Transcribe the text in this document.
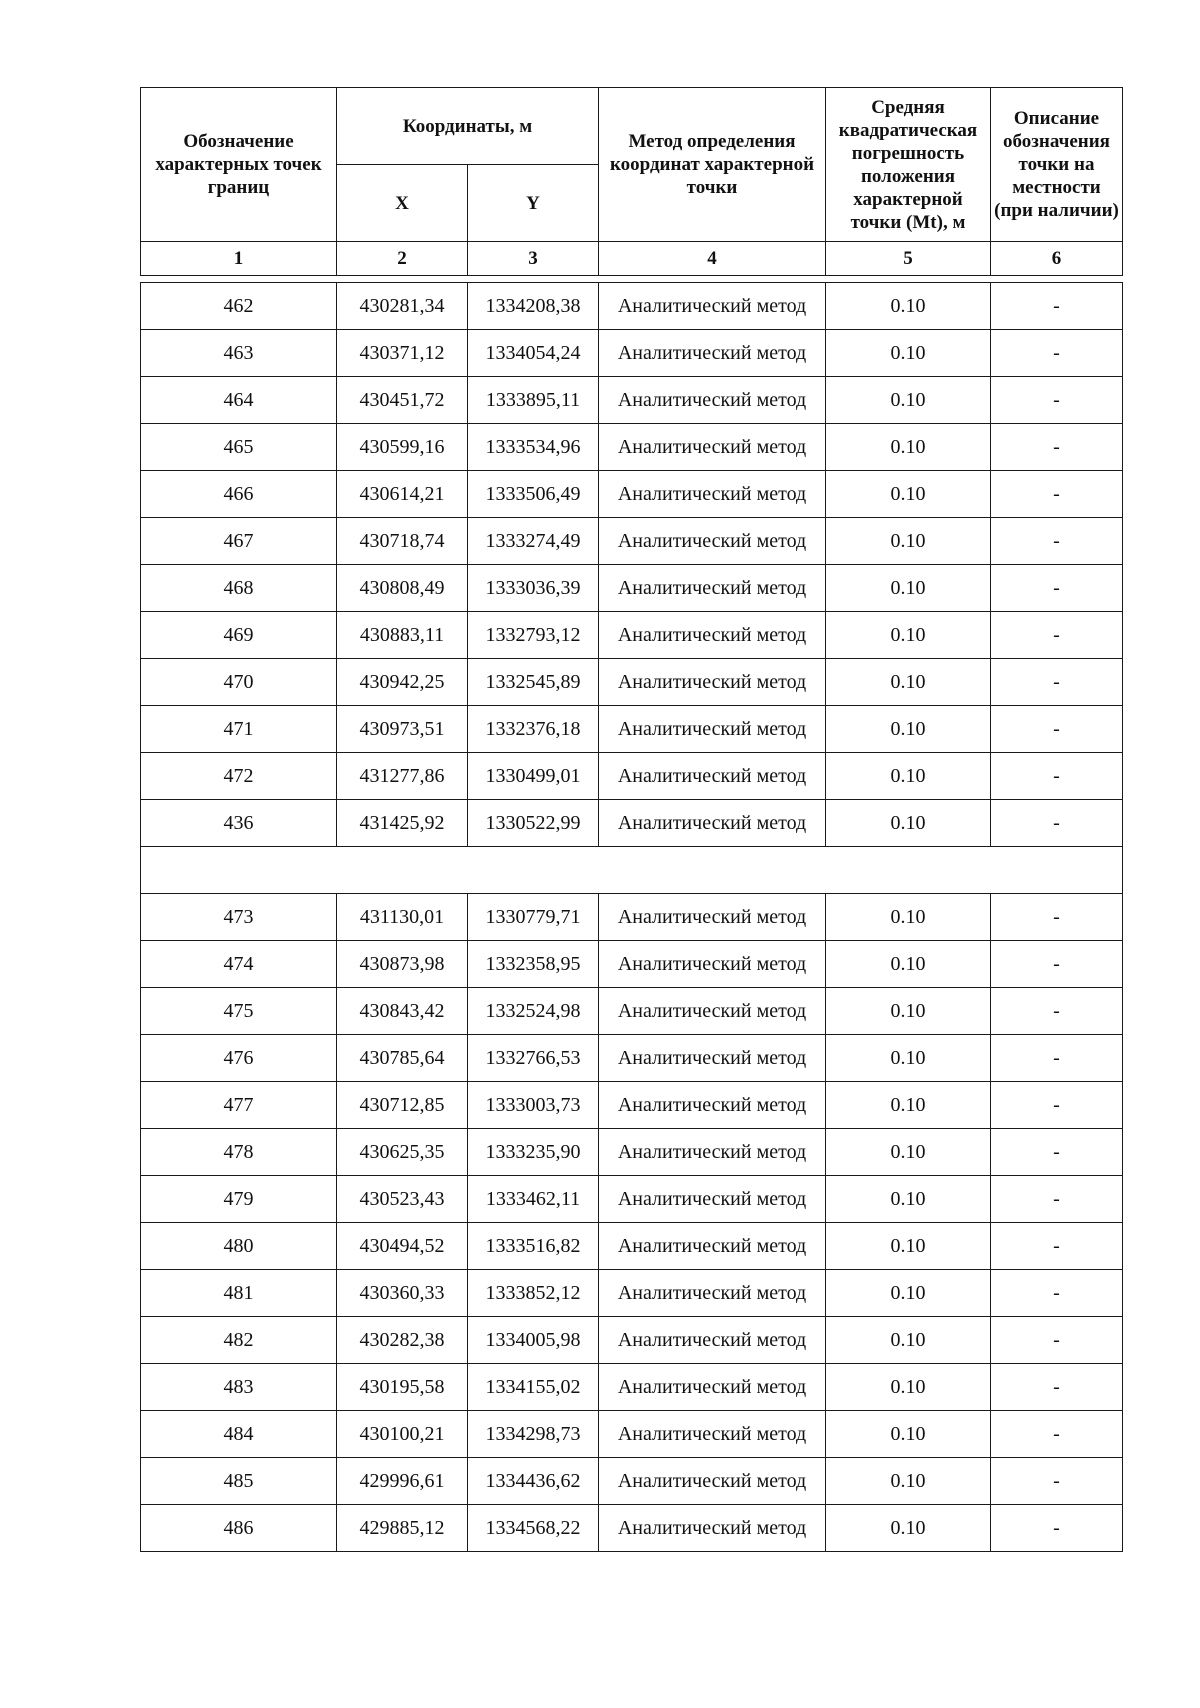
Обозначение характерных точек границ	Координаты, м		Метод определения координат характерной точки	Средняя квадратическая погрешность положения характерной точки (Mt), м	Описание обозначения точки на местности (при наличии)
	X	Y			
1	2	3	4	5	6

462	430281,34	1334208,38	Аналитический метод	0.10	-
463	430371,12	1334054,24	Аналитический метод	0.10	-
464	430451,72	1333895,11	Аналитический метод	0.10	-
465	430599,16	1333534,96	Аналитический метод	0.10	-
466	430614,21	1333506,49	Аналитический метод	0.10	-
467	430718,74	1333274,49	Аналитический метод	0.10	-
468	430808,49	1333036,39	Аналитический метод	0.10	-
469	430883,11	1332793,12	Аналитический метод	0.10	-
470	430942,25	1332545,89	Аналитический метод	0.10	-
471	430973,51	1332376,18	Аналитический метод	0.10	-
472	431277,86	1330499,01	Аналитический метод	0.10	-
436	431425,92	1330522,99	Аналитический метод	0.10	-

473	431130,01	1330779,71	Аналитический метод	0.10	-
474	430873,98	1332358,95	Аналитический метод	0.10	-
475	430843,42	1332524,98	Аналитический метод	0.10	-
476	430785,64	1332766,53	Аналитический метод	0.10	-
477	430712,85	1333003,73	Аналитический метод	0.10	-
478	430625,35	1333235,90	Аналитический метод	0.10	-
479	430523,43	1333462,11	Аналитический метод	0.10	-
480	430494,52	1333516,82	Аналитический метод	0.10	-
481	430360,33	1333852,12	Аналитический метод	0.10	-
482	430282,38	1334005,98	Аналитический метод	0.10	-
483	430195,58	1334155,02	Аналитический метод	0.10	-
484	430100,21	1334298,73	Аналитический метод	0.10	-
485	429996,61	1334436,62	Аналитический метод	0.10	-
486	429885,12	1334568,22	Аналитический метод	0.10	-
